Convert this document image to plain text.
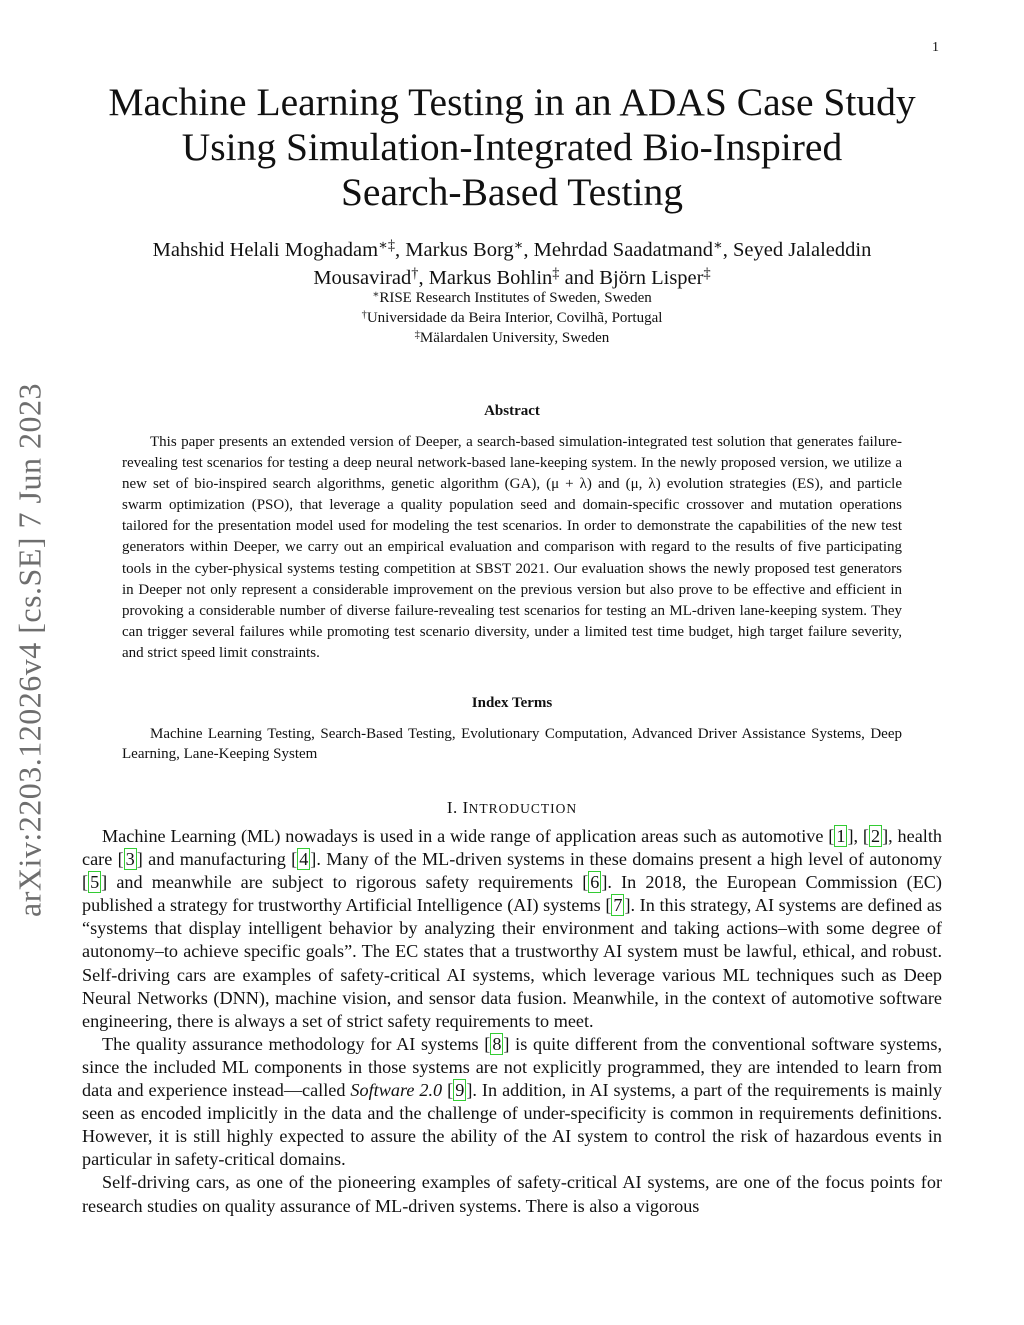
1
arXiv:2203.12026v4 [cs.SE] 7 Jun 2023
Machine Learning Testing in an ADAS Case Study
Using Simulation-Integrated Bio-Inspired
Search-Based Testing
Mahshid Helali Moghadam∗‡, Markus Borg∗, Mehrdad Saadatmand∗, Seyed Jalaleddin
Mousavirad†, Markus Bohlin‡ and Björn Lisper‡
∗RISE Research Institutes of Sweden, Sweden
†Universidade da Beira Interior, Covilhã, Portugal
‡Mälardalen University, Sweden
Abstract
This paper presents an extended version of Deeper, a search-based simulation-integrated test solution that generates failure-revealing test scenarios for testing a deep neural network-based lane-keeping system. In the newly proposed version, we utilize a new set of bio-inspired search algorithms, genetic algorithm (GA), (μ + λ) and (μ, λ) evolution strategies (ES), and particle swarm optimization (PSO), that leverage a quality population seed and domain-specific crossover and mutation operations tailored for the presentation model used for modeling the test scenarios. In order to demonstrate the capabilities of the new test generators within Deeper, we carry out an empirical evaluation and comparison with regard to the results of five participating tools in the cyber-physical systems testing competition at SBST 2021. Our evaluation shows the newly proposed test generators in Deeper not only represent a considerable improvement on the previous version but also prove to be effective and efficient in provoking a considerable number of diverse failure-revealing test scenarios for testing an ML-driven lane-keeping system. They can trigger several failures while promoting test scenario diversity, under a limited test time budget, high target failure severity, and strict speed limit constraints.
Index Terms
Machine Learning Testing, Search-Based Testing, Evolutionary Computation, Advanced Driver Assistance Systems, Deep Learning, Lane-Keeping System
I. INTRODUCTION

Machine Learning (ML) nowadays is used in a wide range of application areas such as automotive [ 1 ], [ 2 ], health care [ 3 ] and manufacturing [ 4 ]. Many of the ML-driven systems in these domains present a high level of autonomy [ 5 ] and meanwhile are subject to rigorous safety requirements [ 6 ]. In 2018, the European Commission (EC) published a strategy for trustworthy Artificial Intelligence (AI) systems [ 7 ]. In this strategy, AI systems are defined as “systems that display intelligent behavior by analyzing their environment and taking actions–with some degree of autonomy–to achieve specific goals”. The EC states that a trustworthy AI system must be lawful, ethical, and robust. Self-driving cars are examples of safety-critical AI systems, which leverage various ML techniques such as Deep Neural Networks (DNN), machine vision, and sensor data fusion. Meanwhile, in the context of automotive software engineering, there is always a set of strict safety requirements to meet.

The quality assurance methodology for AI systems [ 8 ] is quite different from the conventional software systems, since the included ML components in those systems are not explicitly programmed, they are intended to learn from data and experience instead—called Software 2.0 [ 9 ]. In addition, in AI systems, a part of the requirements is mainly seen as encoded implicitly in the data and the challenge of under-specificity is common in requirements definitions. However, it is still highly expected to assure the ability of the AI system to control the risk of hazardous events in particular in safety-critical domains.

Self-driving cars, as one of the pioneering examples of safety-critical AI systems, are one of the focus points for research studies on quality assurance of ML-driven systems. There is also a vigorous
